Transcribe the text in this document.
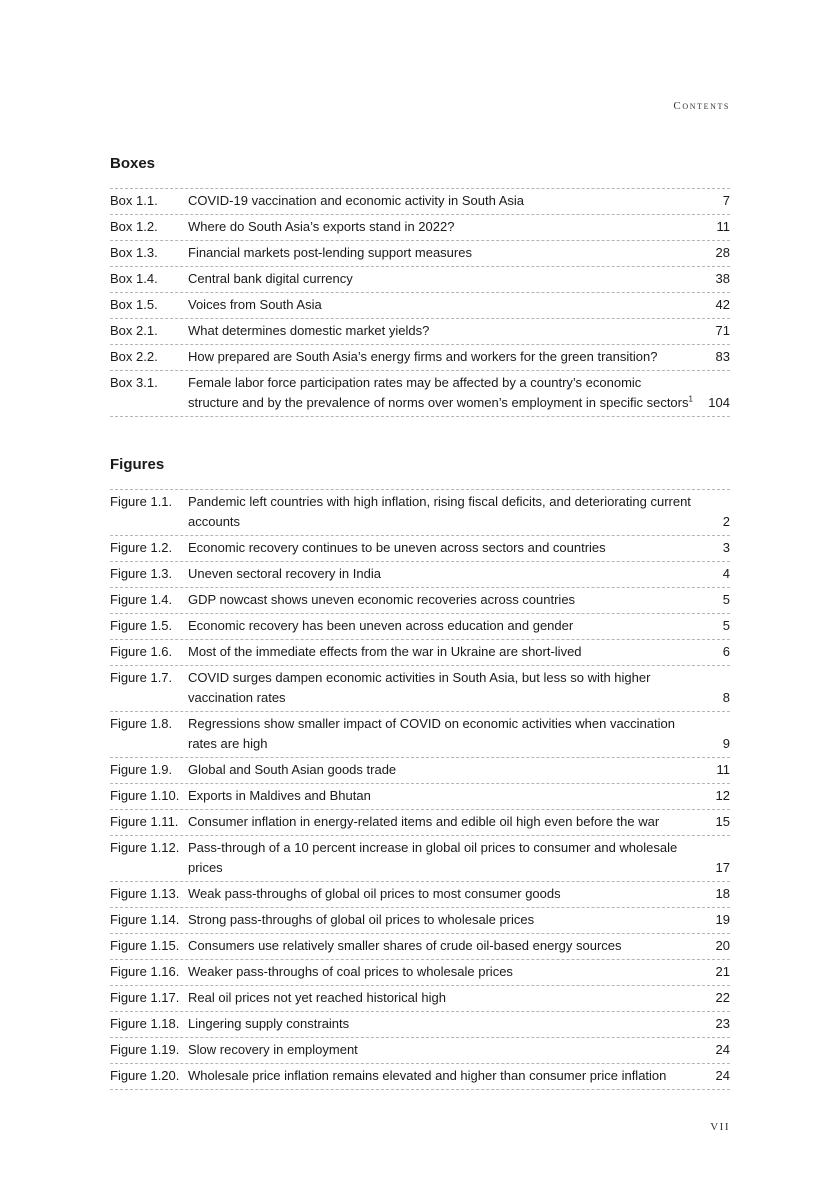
Contents
Boxes
Box 1.1.	COVID-19 vaccination and economic activity in South Asia	7
Box 1.2.	Where do South Asia’s exports stand in 2022?	11
Box 1.3.	Financial markets post-lending support measures	28
Box 1.4.	Central bank digital currency	38
Box 1.5.	Voices from South Asia	42
Box 2.1.	What determines domestic market yields?	71
Box 2.2.	How prepared are South Asia’s energy firms and workers for the green transition?	83
Box 3.1.	Female labor force participation rates may be affected by a country’s economic structure and by the prevalence of norms over women’s employment in specific sectors$^1$	104
Figures
Figure 1.1.	Pandemic left countries with high inflation, rising fiscal deficits, and deteriorating current accounts	2
Figure 1.2.	Economic recovery continues to be uneven across sectors and countries	3
Figure 1.3.	Uneven sectoral recovery in India	4
Figure 1.4.	GDP nowcast shows uneven economic recoveries across countries	5
Figure 1.5.	Economic recovery has been uneven across education and gender	5
Figure 1.6.	Most of the immediate effects from the war in Ukraine are short-lived	6
Figure 1.7.	COVID surges dampen economic activities in South Asia, but less so with higher vaccination rates	8
Figure 1.8.	Regressions show smaller impact of COVID on economic activities when vaccination rates are high	9
Figure 1.9.	Global and South Asian goods trade	11
Figure 1.10. Exports in Maldives and Bhutan	12
Figure 1.11. Consumer inflation in energy-related items and edible oil high even before the war	15
Figure 1.12. Pass-through of a 10 percent increase in global oil prices to consumer and wholesale prices	17
Figure 1.13. Weak pass-throughs of global oil prices to most consumer goods	18
Figure 1.14. Strong pass-throughs of global oil prices to wholesale prices	19
Figure 1.15. Consumers use relatively smaller shares of crude oil-based energy sources	20
Figure 1.16. Weaker pass-throughs of coal prices to wholesale prices	21
Figure 1.17. Real oil prices not yet reached historical high	22
Figure 1.18. Lingering supply constraints	23
Figure 1.19. Slow recovery in employment	24
Figure 1.20. Wholesale price inflation remains elevated and higher than consumer price inflation	24
VII
